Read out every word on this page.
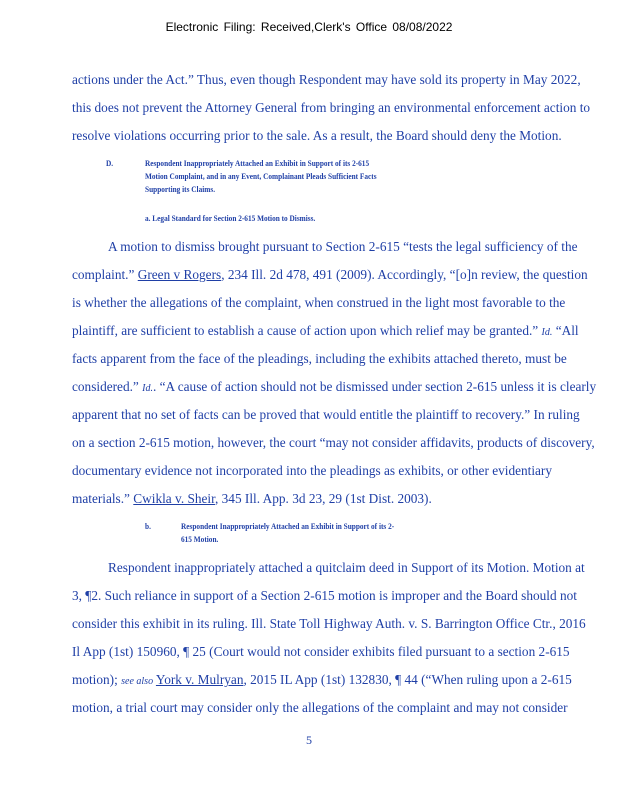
Electronic Filing: Received,Clerk's Office 08/08/2022
actions under the Act.” Thus, even though Respondent may have sold its property in May 2022,
this does not prevent the Attorney General from bringing an environmental enforcement action to
resolve violations occurring prior to the sale. As a result, the Board should deny the Motion.
D.	Respondent Inappropriately Attached an Exhibit in Support of its 2-615
Motion Complaint, and in any Event, Complainant Pleads Sufficient Facts
Supporting its Claims.
a. Legal Standard for Section 2-615 Motion to Dismiss.
A motion to dismiss brought pursuant to Section 2-615 “tests the legal sufficiency of the
complaint.” Green v Rogers, 234 Ill. 2d 478, 491 (2009). Accordingly, “[o]n review, the question
is whether the allegations of the complaint, when construed in the light most favorable to the
plaintiff, are sufficient to establish a cause of action upon which relief may be granted.” Id. “All
facts apparent from the face of the pleadings, including the exhibits attached thereto, must be
considered.” Id.. “A cause of action should not be dismissed under section 2-615 unless it is clearly
apparent that no set of facts can be proved that would entitle the plaintiff to recovery.” In ruling
on a section 2-615 motion, however, the court “may not consider affidavits, products of discovery,
documentary evidence not incorporated into the pleadings as exhibits, or other evidentiary
materials.” Cwikla v. Sheir, 345 Ill. App. 3d 23, 29 (1st Dist. 2003).
b.	Respondent Inappropriately Attached an Exhibit in Support of its 2-
615 Motion.
Respondent inappropriately attached a quitclaim deed in Support of its Motion. Motion at
3, ¶2. Such reliance in support of a Section 2-615 motion is improper and the Board should not
consider this exhibit in its ruling. Ill. State Toll Highway Auth. v. S. Barrington Office Ctr., 2016
Il App (1st) 150960, ¶ 25 (Court would not consider exhibits filed pursuant to a section 2-615
motion); see also York v. Mulryan, 2015 IL App (1st) 132830, ¶ 44 (“When ruling upon a 2-615
motion, a trial court may consider only the allegations of the complaint and may not consider
5
